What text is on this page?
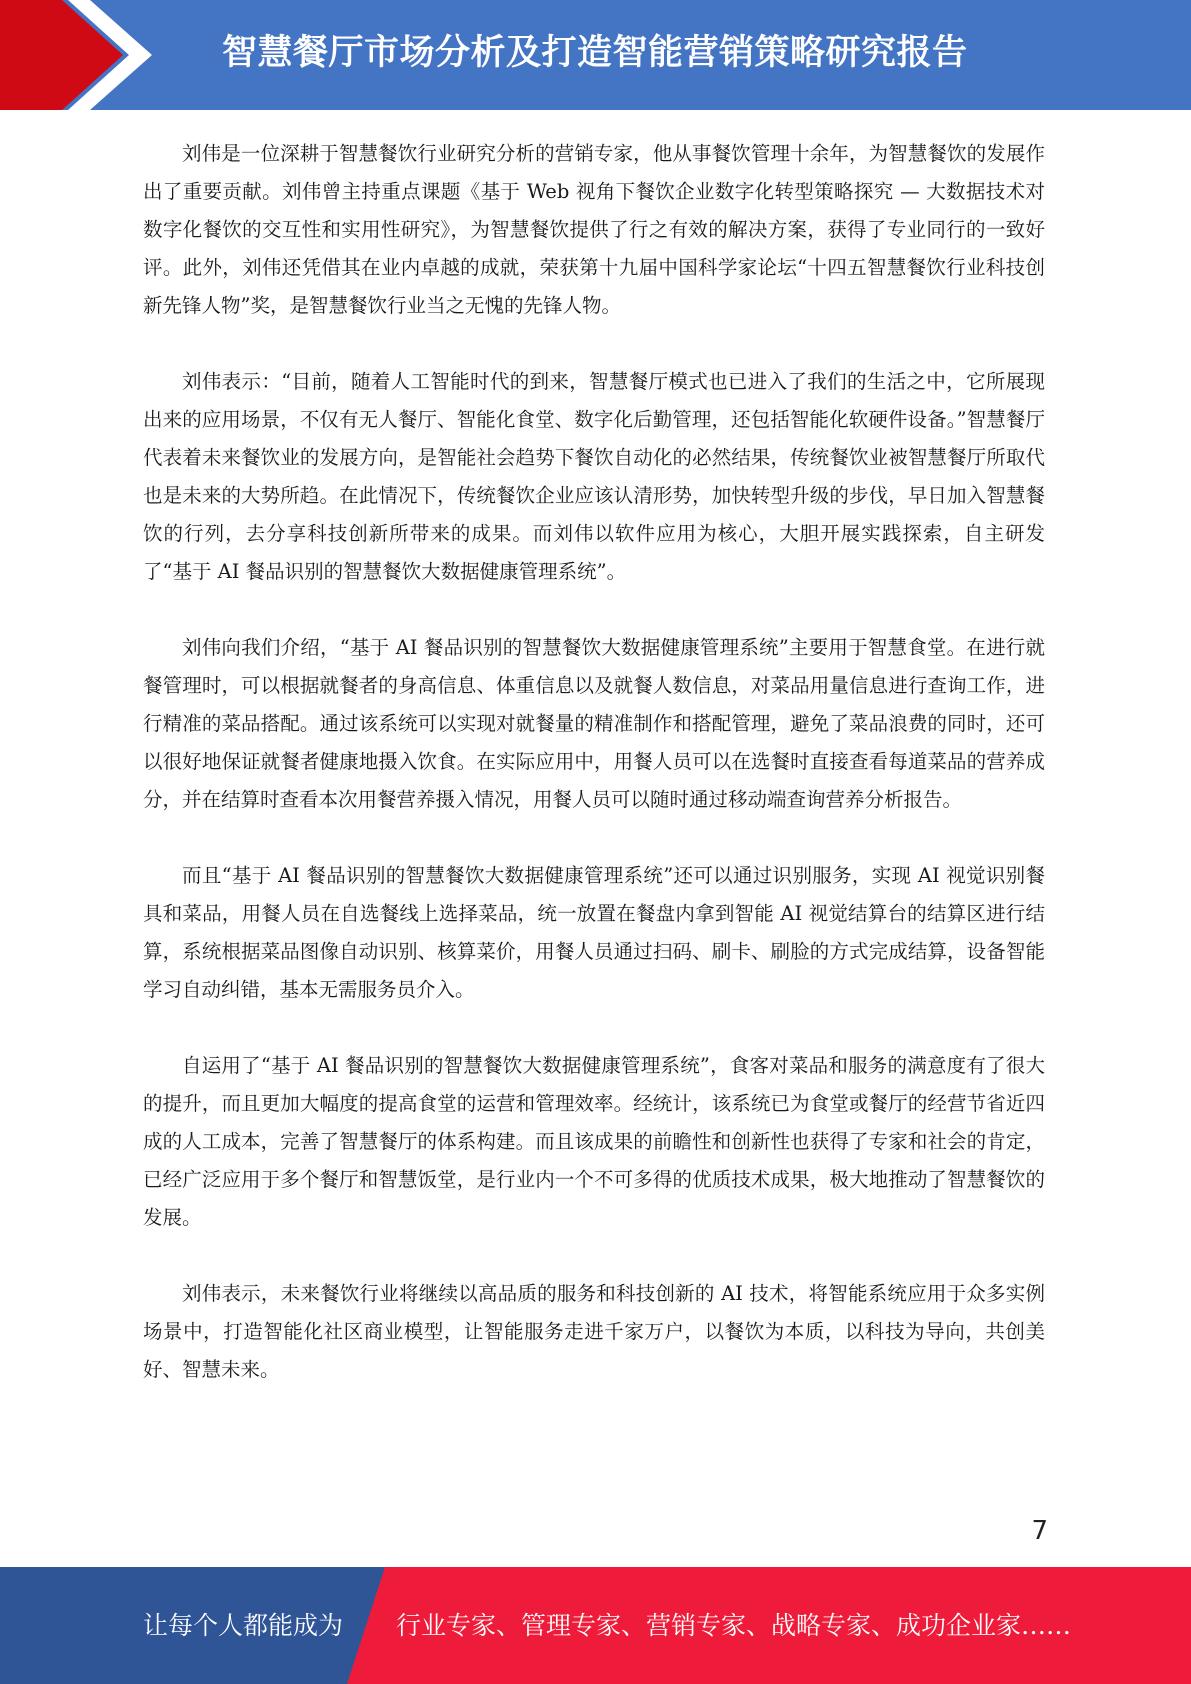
智慧餐厅市场分析及打造智能营销策略研究报告

刘伟是一位深耕于智慧餐饮行业研究分析的营销专家，他从事餐饮管理十余年，为智慧餐饮的发展作出了重要贡献。刘伟曾主持重点课题《基于 Web 视角下餐饮企业数字化转型策略探究 — 大数据技术对数字化餐饮的交互性和实用性研究》，为智慧餐饮提供了行之有效的解决方案，获得了专业同行的一致好评。此外，刘伟还凭借其在业内卓越的成就，荣获第十九届中国科学家论坛“十四五智慧餐饮行业科技创新先锋人物”奖，是智慧餐饮行业当之无愧的先锋人物。

刘伟表示：“目前，随着人工智能时代的到来，智慧餐厅模式也已进入了我们的生活之中，它所展现出来的应用场景，不仅有无人餐厅、智能化食堂、数字化后勤管理，还包括智能化软硬件设备。”智慧餐厅代表着未来餐饮业的发展方向，是智能社会趋势下餐饮自动化的必然结果，传统餐饮业被智慧餐厅所取代也是未来的大势所趋。在此情况下，传统餐饮企业应该认清形势，加快转型升级的步伐，早日加入智慧餐饮的行列，去分享科技创新所带来的成果。而刘伟以软件应用为核心，大胆开展实践探索，自主研发了“基于 AI 餐品识别的智慧餐饮大数据健康管理系统”。

刘伟向我们介绍，“基于 AI 餐品识别的智慧餐饮大数据健康管理系统”主要用于智慧食堂。在进行就餐管理时，可以根据就餐者的身高信息、体重信息以及就餐人数信息，对菜品用量信息进行查询工作，进行精准的菜品搭配。通过该系统可以实现对就餐量的精准制作和搭配管理，避免了菜品浪费的同时，还可以很好地保证就餐者健康地摄入饮食。在实际应用中，用餐人员可以在选餐时直接查看每道菜品的营养成分，并在结算时查看本次用餐营养摄入情况，用餐人员可以随时通过移动端查询营养分析报告。

而且“基于 AI 餐品识别的智慧餐饮大数据健康管理系统”还可以通过识别服务，实现 AI 视觉识别餐具和菜品，用餐人员在自选餐线上选择菜品，统一放置在餐盘内拿到智能 AI 视觉结算台的结算区进行结算，系统根据菜品图像自动识别、核算菜价，用餐人员通过扫码、刷卡、刷脸的方式完成结算，设备智能学习自动纠错，基本无需服务员介入。

自运用了“基于 AI 餐品识别的智慧餐饮大数据健康管理系统”，食客对菜品和服务的满意度有了很大的提升，而且更加大幅度的提高食堂的运营和管理效率。经统计，该系统已为食堂或餐厅的经营节省近四成的人工成本，完善了智慧餐厅的体系构建。而且该成果的前瞻性和创新性也获得了专家和社会的肯定，已经广泛应用于多个餐厅和智慧饭堂，是行业内一个不可多得的优质技术成果，极大地推动了智慧餐饮的发展。

刘伟表示，未来餐饮行业将继续以高品质的服务和科技创新的 AI 技术，将智能系统应用于众多实例场景中，打造智能化社区商业模型，让智能服务走进千家万户，以餐饮为本质，以科技为导向，共创美好、智慧未来。

7
让每个人都能成为 行业专家、管理专家、营销专家、战略专家、成功企业家……
